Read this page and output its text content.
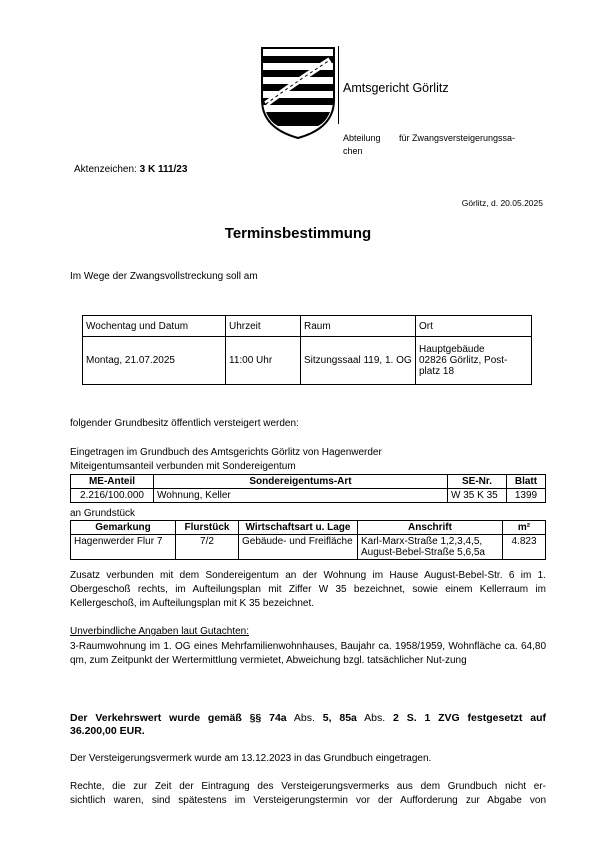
Amtsgericht Görlitz
Abteilung für Zwangsversteigerungssa-
chen
Aktenzeichen: 3 K 111/23
Görlitz, d. 20.05.2025
Terminsbestimmung
Im Wege der Zwangsvollstreckung soll am
Wochentag und Datum	Uhrzeit	Raum	Ort
Montag, 21.07.2025	11:00 Uhr	Sitzungssaal 119, 1. OG	Hauptgebäude
02826 Görlitz, Post-
platz 18
folgender Grundbesitz öffentlich versteigert werden:
Eingetragen im Grundbuch des Amtsgerichts Görlitz von Hagenwerder
Miteigentumsanteil verbunden mit Sondereigentum
ME-Anteil	Sondereigentums-Art	SE-Nr.	Blatt
2.216/100.000	Wohnung, Keller	W 35 K 35	1399
an Grundstück
Gemarkung	Flurstück	Wirtschaftsart u. Lage	Anschrift	m²
Hagenwerder Flur 7	7/2	Gebäude- und Freifläche	Karl-Marx-Straße 1,2,3,4,5,
August-Bebel-Straße 5,6,5a	4.823
Zusatz verbunden mit dem Sondereigentum an der Wohnung im Hause August-Bebel-Str. 6 im 1. Obergeschoß rechts, im Aufteilungsplan mit Ziffer W 35 bezeichnet, sowie einem Kellerraum im Kellergeschoß, im Aufteilungsplan mit K 35 bezeichnet.
Unverbindliche Angaben laut Gutachten:
3-Raumwohnung im 1. OG eines Mehrfamilienwohnhauses, Baujahr ca. 1958/1959, Wohnfläche ca. 64,80 qm, zum Zeitpunkt der Wertermittlung vermietet, Abweichung bzgl. tatsächlicher Nut-zung
Der Verkehrswert wurde gemäß §§ 74a Abs. 5, 85a Abs. 2 S. 1 ZVG festgesetzt auf
36.200,00 EUR.
Der Versteigerungsvermerk wurde am 13.12.2023 in das Grundbuch eingetragen.
Rechte, die zur Zeit der Eintragung des Versteigerungsvermerks aus dem Grundbuch nicht er-
sichtlich waren, sind spätestens im Versteigerungstermin vor der Aufforderung zur Abgabe von
